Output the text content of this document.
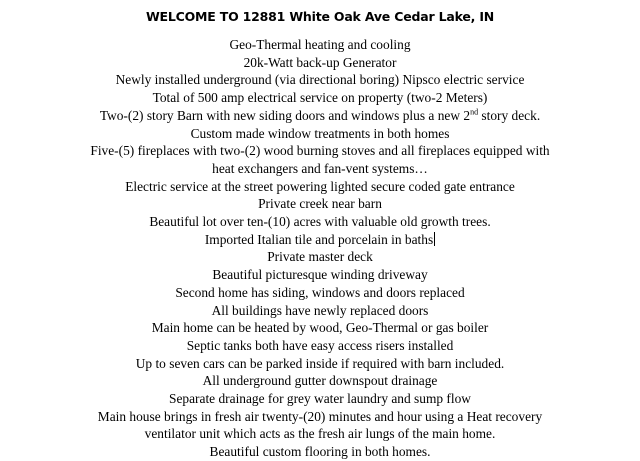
WELCOME TO 12881 White Oak Ave Cedar Lake, IN
Geo-Thermal heating and cooling
20k-Watt back-up Generator
Newly installed underground (via directional boring) Nipsco electric service
Total of 500 amp electrical service on property (two-2 Meters)
Two-(2) story Barn with new siding doors and windows plus a new 2nd story deck.
Custom made window treatments in both homes
Five-(5) fireplaces with two-(2) wood burning stoves and all fireplaces equipped with
heat exchangers and fan-vent systems…
Electric service at the street powering lighted secure coded gate entrance
Private creek near barn
Beautiful lot over ten-(10) acres with valuable old growth trees.
Imported Italian tile and porcelain in baths
Private master deck
Beautiful picturesque winding driveway
Second home has siding, windows and doors replaced
All buildings have newly replaced doors
Main home can be heated by wood, Geo-Thermal or gas boiler
Septic tanks both have easy access risers installed
Up to seven cars can be parked inside if required with barn included.
All underground gutter downspout drainage
Separate drainage for grey water laundry and sump flow
Main house brings in fresh air twenty-(20) minutes and hour using a Heat recovery
ventilator unit which acts as the fresh air lungs of the main home.
Beautiful custom flooring in both homes.
